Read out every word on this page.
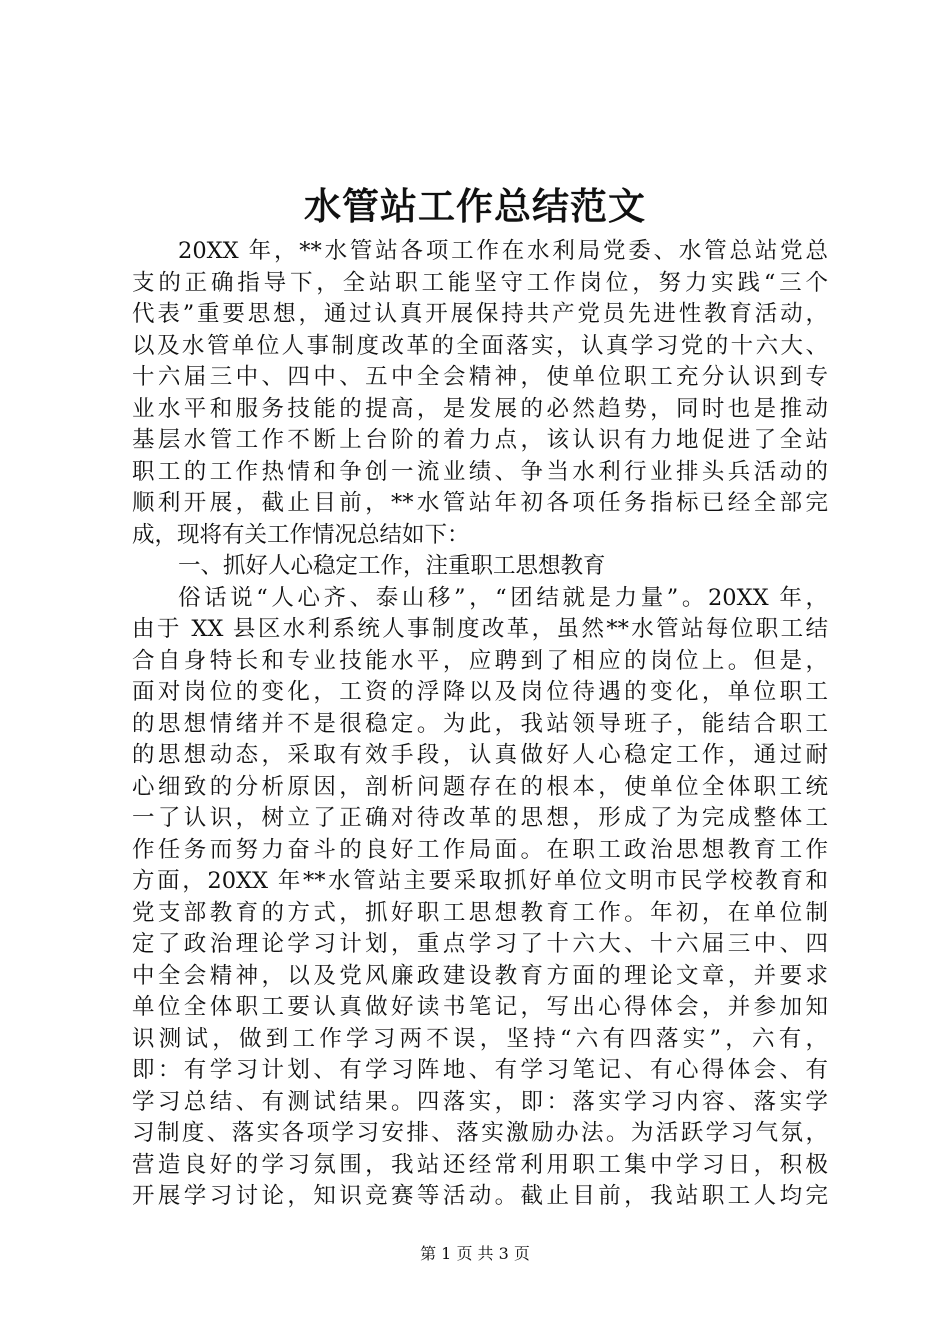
水管站工作总结范文
20XX 年，**水管站各项工作在水利局党委、水管总站党总
支的正确指导下，全站职工能坚守工作岗位，努力实践“三个
代表”重要思想，通过认真开展保持共产党员先进性教育活动，
以及水管单位人事制度改革的全面落实，认真学习党的十六大、
十六届三中、四中、五中全会精神，使单位职工充分认识到专
业水平和服务技能的提高，是发展的必然趋势，同时也是推动
基层水管工作不断上台阶的着力点，该认识有力地促进了全站
职工的工作热情和争创一流业绩、争当水利行业排头兵活动的
顺利开展，截止目前，**水管站年初各项任务指标已经全部完
成，现将有关工作情况总结如下：
一、抓好人心稳定工作，注重职工思想教育
俗话说“人心齐、泰山移”，“团结就是力量”。20XX 年，
由于 XX 县区水利系统人事制度改革，虽然**水管站每位职工结
合自身特长和专业技能水平，应聘到了相应的岗位上。但是，
面对岗位的变化，工资的浮降以及岗位待遇的变化，单位职工
的思想情绪并不是很稳定。为此，我站领导班子，能结合职工
的思想动态，采取有效手段，认真做好人心稳定工作，通过耐
心细致的分析原因，剖析问题存在的根本，使单位全体职工统
一了认识，树立了正确对待改革的思想，形成了为完成整体工
作任务而努力奋斗的良好工作局面。在职工政治思想教育工作
方面，20XX 年**水管站主要采取抓好单位文明市民学校教育和
党支部教育的方式，抓好职工思想教育工作。年初，在单位制
定了政治理论学习计划，重点学习了十六大、十六届三中、四
中全会精神，以及党风廉政建设教育方面的理论文章，并要求
单位全体职工要认真做好读书笔记，写出心得体会，并参加知
识测试，做到工作学习两不误，坚持“六有四落实”，六有，
即：有学习计划、有学习阵地、有学习笔记、有心得体会、有
学习总结、有测试结果。四落实，即：落实学习内容、落实学
习制度、落实各项学习安排、落实激励办法。为活跃学习气氛，
营造良好的学习氛围，我站还经常利用职工集中学习日，积极
开展学习讨论，知识竞赛等活动。截止目前，我站职工人均完
第 1 页 共 3 页
